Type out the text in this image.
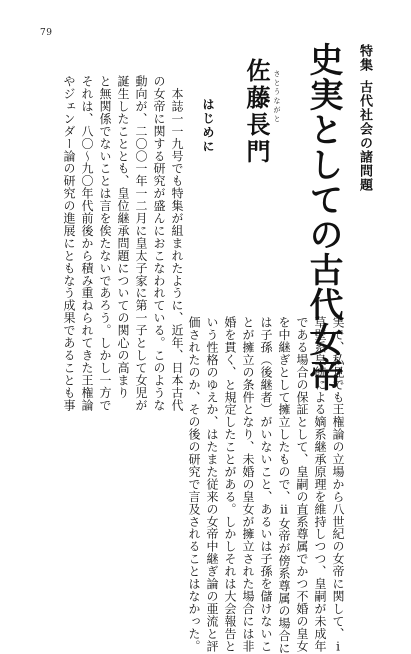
79
特集古代社会の諸問題
史実としての古代女帝
さとうながと
佐藤長門
はじめに
　本誌一一九号でも特集が組まれたように、近年、日本古代
の女帝に関する研究が盛んにおこなわれている。このような
動向が、二〇〇一年一二月に皇太子家に第一子として女児が
誕生したこととも、皇位継承問題についての関心の高まり
と無関係でないことは言を俟たないであろう。しかし一方で
それは、八〇～九〇年代前後から積み重ねられてきた王権論
やジェンダー論の研究の進展にともなう成果であることも事
実で、私見でも王権論の立場から八世紀の女帝に関して、ⅰ
草壁系皇統による嫡系継承原理を維持しつつ、皇嗣が未成年
である場合の保証として、皇嗣の直系尊属でかつ不婚の皇女
を中継ぎとして擁立したもので、ⅱ女帝が傍系尊属の場合に
は子孫（後継者）がいないこと、あるいは子孫を儲けないこ
とが擁立の条件となり、未婚の皇女が擁立された場合には非
婚を貫く、と規定したことがある。しかしそれは大会報告と
いう性格のゆえか、はたまた従来の女帝中継ぎ論の亜流と評
価されたのか、その後の研究で言及されることはなかった。
